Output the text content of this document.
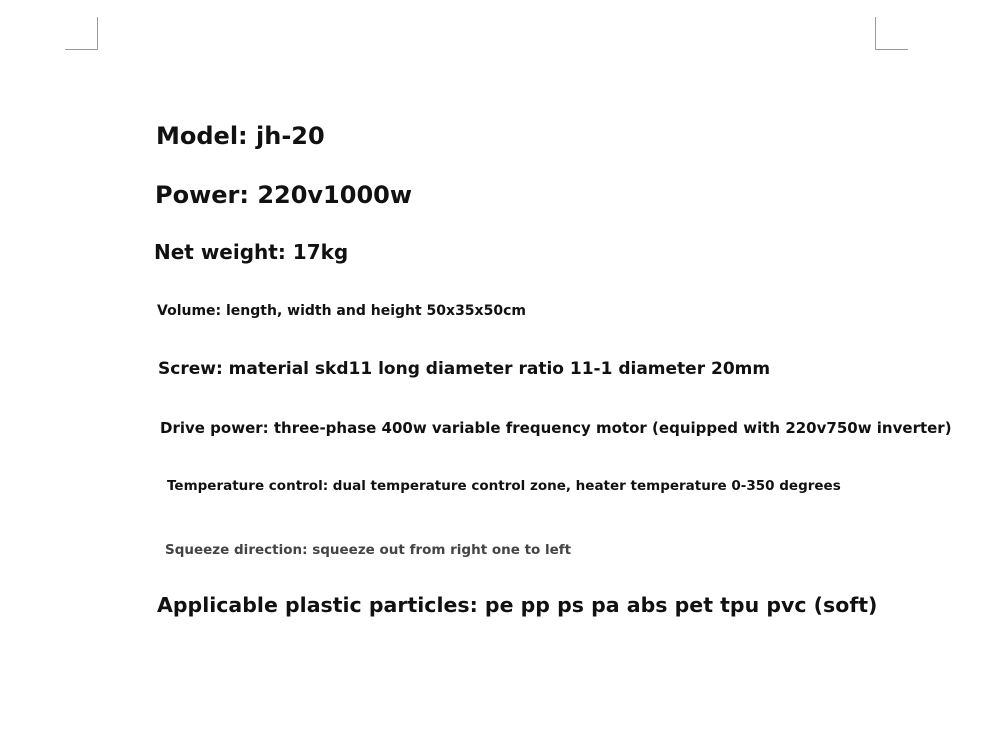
Model: jh-20
Power: 220v1000w
Net weight: 17kg
Volume: length, width and height 50x35x50cm
Screw: material skd11 long diameter ratio 11-1 diameter 20mm
Drive power: three-phase 400w variable frequency motor (equipped with 220v750w inverter)
Temperature control: dual temperature control zone, heater temperature 0-350 degrees
Squeeze direction: squeeze out from right one to left
Applicable plastic particles: pe pp ps pa abs pet tpu pvc (soft)
